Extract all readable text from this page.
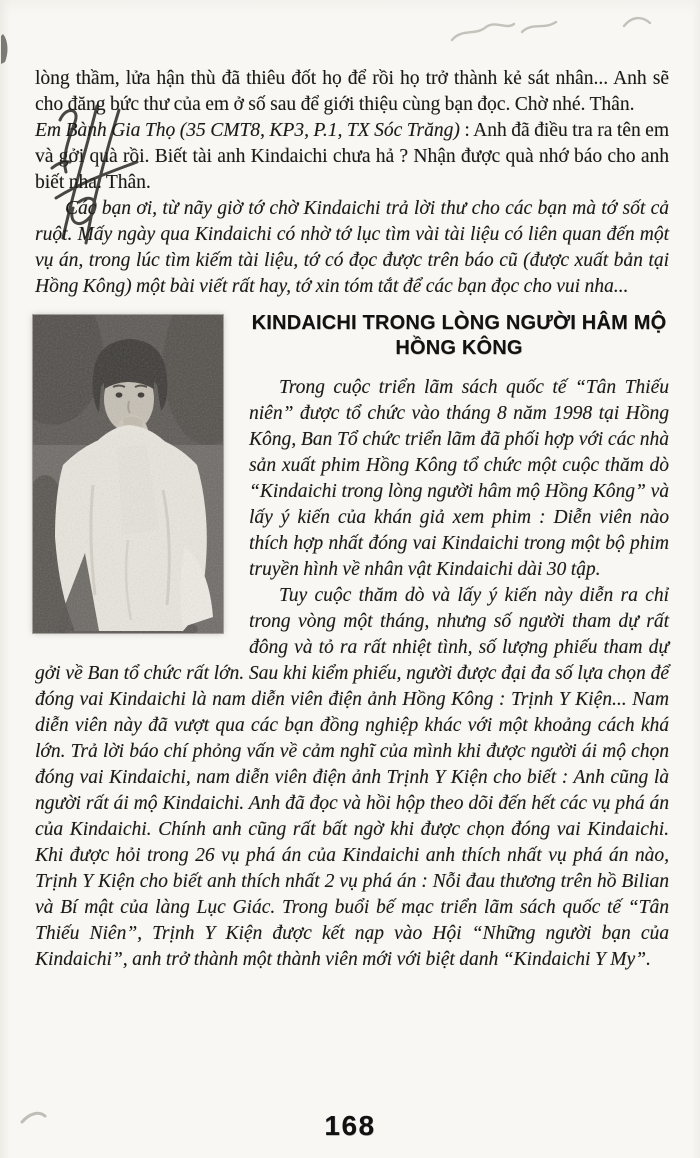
lòng thầm, lửa hận thù đã thiêu đốt họ để rồi họ trở thành kẻ sát nhân... Anh sẽ cho đăng bức thư của em ở số sau để giới thiệu cùng bạn đọc. Chờ nhé. Thân.

Em Bành Gia Thọ (35 CMT8, KP3, P.1, TX Sóc Trăng) : Anh đã điều tra ra tên em và gởi quà rồi. Biết tài anh Kindaichi chưa hả ? Nhận được quà nhớ báo cho anh biết nha. Thân.

Các bạn ơi, từ nãy giờ tớ chờ Kindaichi trả lời thư cho các bạn mà tớ sốt cả ruột. Mấy ngày qua Kindaichi có nhờ tớ lục tìm vài tài liệu có liên quan đến một vụ án, trong lúc tìm kiếm tài liệu, tớ có đọc được trên báo cũ (được xuất bản tại Hồng Kông) một bài viết rất hay, tớ xin tóm tắt để các bạn đọc cho vui nha...

KINDAICHI TRONG LÒNG NGƯỜI HÂM MỘ
HỒNG KÔNG

Trong cuộc triển lãm sách quốc tế “Tân Thiếu niên” được tổ chức vào tháng 8 năm 1998 tại Hồng Kông, Ban Tổ chức triển lãm đã phối hợp với các nhà sản xuất phim Hồng Kông tổ chức một cuộc thăm dò “Kindaichi trong lòng người hâm mộ Hồng Kông” và lấy ý kiến của khán giả xem phim : Diễn viên nào thích hợp nhất đóng vai Kindaichi trong một bộ phim truyền hình về nhân vật Kindaichi dài 30 tập.

Tuy cuộc thăm dò và lấy ý kiến này diễn ra chỉ trong vòng một tháng, nhưng số người tham dự rất đông và tỏ ra rất nhiệt tình, số lượng phiếu tham dự gởi về Ban tổ chức rất lớn. Sau khi kiểm phiếu, người được đại đa số lựa chọn để đóng vai Kindaichi là nam diễn viên điện ảnh Hồng Kông : Trịnh Y Kiện... Nam diễn viên này đã vượt qua các bạn đồng nghiệp khác với một khoảng cách khá lớn. Trả lời báo chí phỏng vấn về cảm nghĩ của mình khi được người ái mộ chọn đóng vai Kindaichi, nam diễn viên điện ảnh Trịnh Y Kiện cho biết : Anh cũng là người rất ái mộ Kindaichi. Anh đã đọc và hồi hộp theo dõi đến hết các vụ phá án của Kindaichi. Chính anh cũng rất bất ngờ khi được chọn đóng vai Kindaichi. Khi được hỏi trong 26 vụ phá án của Kindaichi anh thích nhất vụ phá án nào, Trịnh Y Kiện cho biết anh thích nhất 2 vụ phá án : Nỗi đau thương trên hồ Bilian và Bí mật của làng Lục Giác. Trong buổi bế mạc triển lãm sách quốc tế “Tân Thiếu Niên”, Trịnh Y Kiện được kết nạp vào Hội “Những người bạn của Kindaichi”, anh trở thành một thành viên mới với biệt danh “Kindaichi Y My”.

168
